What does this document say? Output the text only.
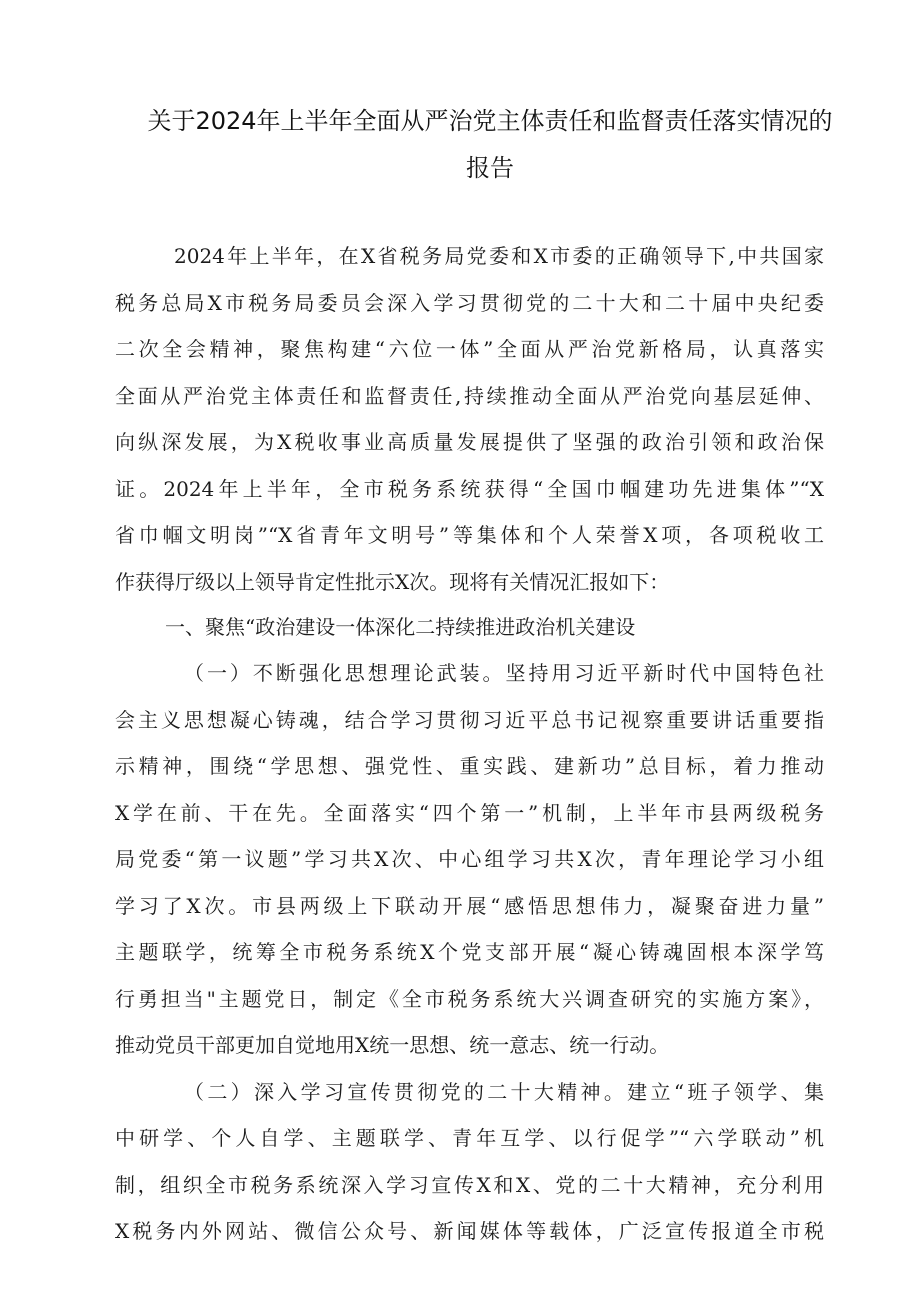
关于2024年上半年全面从严治党主体责任和监督责任落实情况的
报告
2024年上半年，在X省税务局党委和X市委的正确领导下,中共国家
税务总局X市税务局委员会深入学习贯彻党的二十大和二十届中央纪委
二次全会精神，聚焦构建“六位一体”全面从严治党新格局，认真落实
全面从严治党主体责任和监督责任,持续推动全面从严治党向基层延伸、
向纵深发展，为X税收事业高质量发展提供了坚强的政治引领和政治保
证。2024年上半年，全市税务系统获得“全国巾帼建功先进集体”“X
省巾帼文明岗”“X省青年文明号”等集体和个人荣誉X项，各项税收工
作获得厅级以上领导肯定性批示X次。现将有关情况汇报如下：
一、聚焦“政治建设一体深化二持续推进政治机关建设
（一）不断强化思想理论武装。坚持用习近平新时代中国特色社
会主义思想凝心铸魂，结合学习贯彻习近平总书记视察重要讲话重要指
示精神，围绕“学思想、强党性、重实践、建新功”总目标，着力推动
X学在前、干在先。全面落实“四个第一”机制，上半年市县两级税务
局党委“第一议题”学习共X次、中心组学习共X次，青年理论学习小组
学习了X次。市县两级上下联动开展“感悟思想伟力，凝聚奋进力量”
主题联学，统筹全市税务系统X个党支部开展“凝心铸魂固根本深学笃
行勇担当"主题党日，制定《全市税务系统大兴调查研究的实施方案》，
推动党员干部更加自觉地用X统一思想、统一意志、统一行动。
（二）深入学习宣传贯彻党的二十大精神。建立“班子领学、集
中研学、个人自学、主题联学、青年互学、以行促学”“六学联动”机
制，组织全市税务系统深入学习宣传X和X、党的二十大精神，充分利用
X税务内外网站、微信公众号、新闻媒体等载体，广泛宣传报道全市税
